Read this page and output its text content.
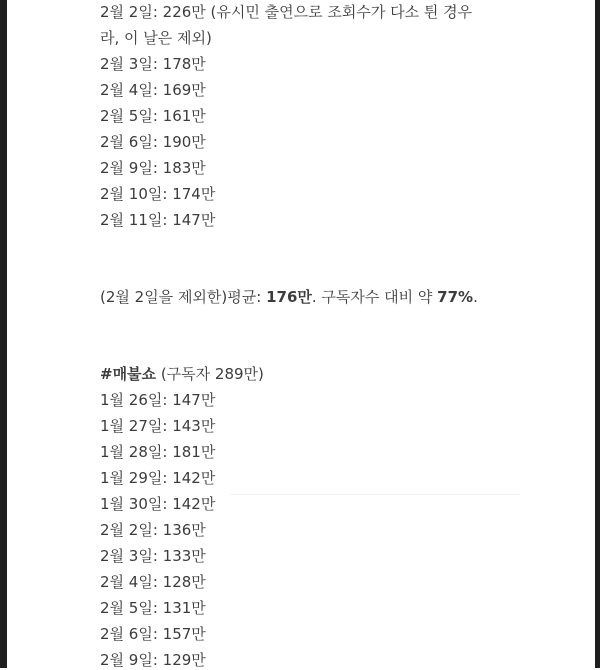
2월 2일: 226만 (유시민 출연으로 조회수가 다소 튄 경우
라, 이 날은 제외)
2월 3일: 178만
2월 4일: 169만
2월 5일: 161만
2월 6일: 190만
2월 9일: 183만
2월 10일: 174만
2월 11일: 147만
(2월 2일을 제외한)평균: 176만. 구독자수 대비 약 77%.
#매불쇼 (구독자 289만)
1월 26일: 147만
1월 27일: 143만
1월 28일: 181만
1월 29일: 142만
1월 30일: 142만
2월 2일: 136만
2월 3일: 133만
2월 4일: 128만
2월 5일: 131만
2월 6일: 157만
2월 9일: 129만
